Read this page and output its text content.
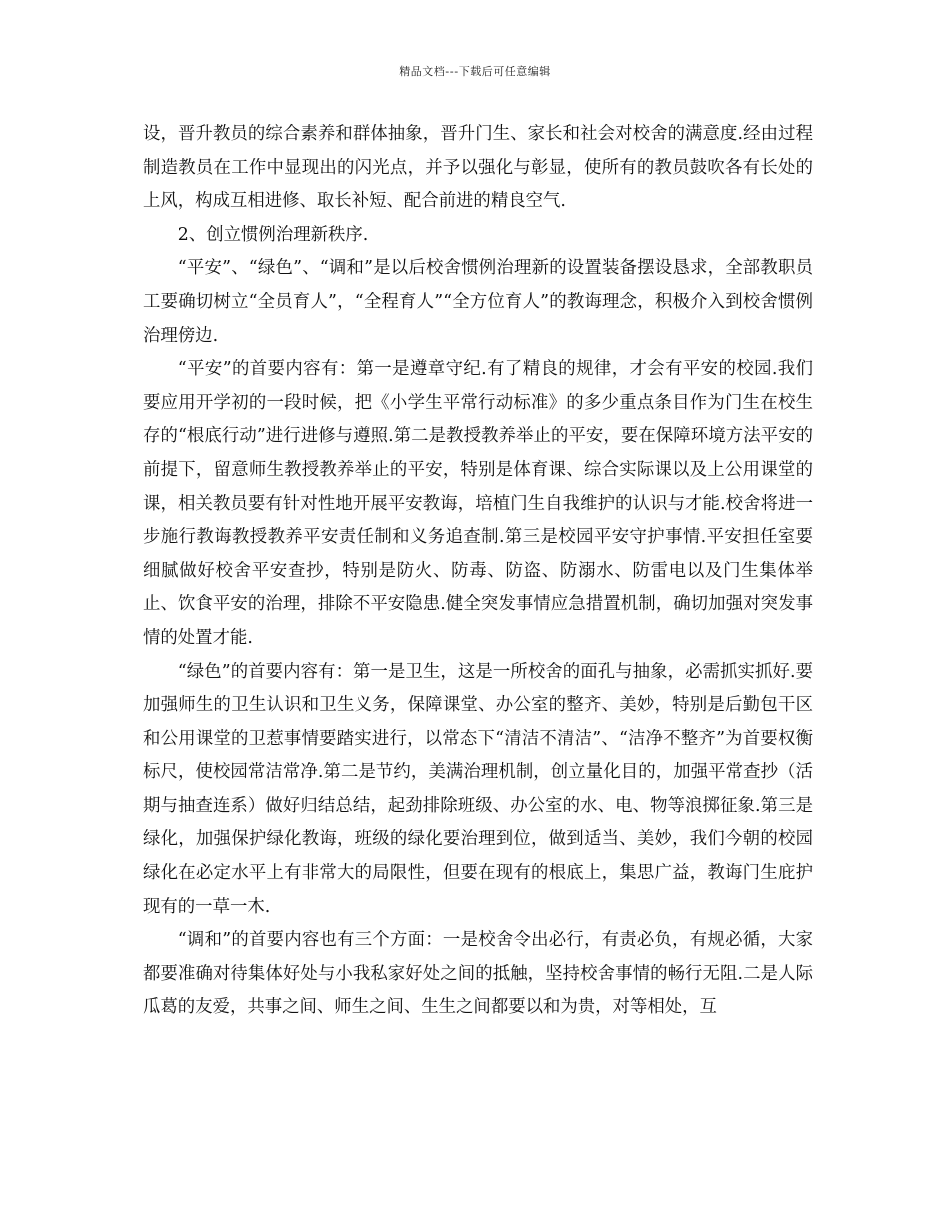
精品文档---下载后可任意编辑

设，晋升教员的综合素养和群体抽象，晋升门生、家长和社会对校舍的满意度.经由过程制造教员在工作中显现出的闪光点，并予以强化与彰显，使所有的教员鼓吹各有长处的上风，构成互相进修、取长补短、配合前进的精良空气.

2、创立惯例治理新秩序.

“平安”、“绿色”、“调和”是以后校舍惯例治理新的设置装备摆设恳求，全部教职员工要确切树立“全员育人”，“全程育人”“全方位育人”的教诲理念，积极介入到校舍惯例治理傍边.

“平安”的首要内容有：第一是遵章守纪.有了精良的规律，才会有平安的校园.我们要应用开学初的一段时候，把《小学生平常行动标准》的多少重点条目作为门生在校生存的“根底行动”进行进修与遵照.第二是教授教养举止的平安，要在保障环境方法平安的前提下，留意师生教授教养举止的平安，特别是体育课、综合实际课以及上公用课堂的课，相关教员要有针对性地开展平安教诲，培植门生自我维护的认识与才能.校舍将进一步施行教诲教授教养平安责任制和义务追查制.第三是校园平安守护事情.平安担任室要细腻做好校舍平安查抄，特别是防火、防毒、防盗、防溺水、防雷电以及门生集体举止、饮食平安的治理，排除不平安隐患.健全突发事情应急措置机制，确切加强对突发事情的处置才能.

“绿色”的首要内容有：第一是卫生，这是一所校舍的面孔与抽象，必需抓实抓好.要加强师生的卫生认识和卫生义务，保障课堂、办公室的整齐、美妙，特别是后勤包干区和公用课堂的卫惹事情要踏实进行，以常态下“清洁不清洁”、“洁净不整齐”为首要权衡标尺，使校园常洁常净.第二是节约，美满治理机制，创立量化目的，加强平常查抄（活期与抽查连系）做好归结总结，起劲排除班级、办公室的水、电、物等浪掷征象.第三是绿化，加强保护绿化教诲，班级的绿化要治理到位，做到适当、美妙，我们今朝的校园绿化在必定水平上有非常大的局限性，但要在现有的根底上，集思广益，教诲门生庇护现有的一草一木.

“调和”的首要内容也有三个方面：一是校舍令出必行，有责必负，有规必循，大家都要准确对待集体好处与小我私家好处之间的抵触，坚持校舍事情的畅行无阻.二是人际瓜葛的友爱，共事之间、师生之间、生生之间都要以和为贵，对等相处，互
